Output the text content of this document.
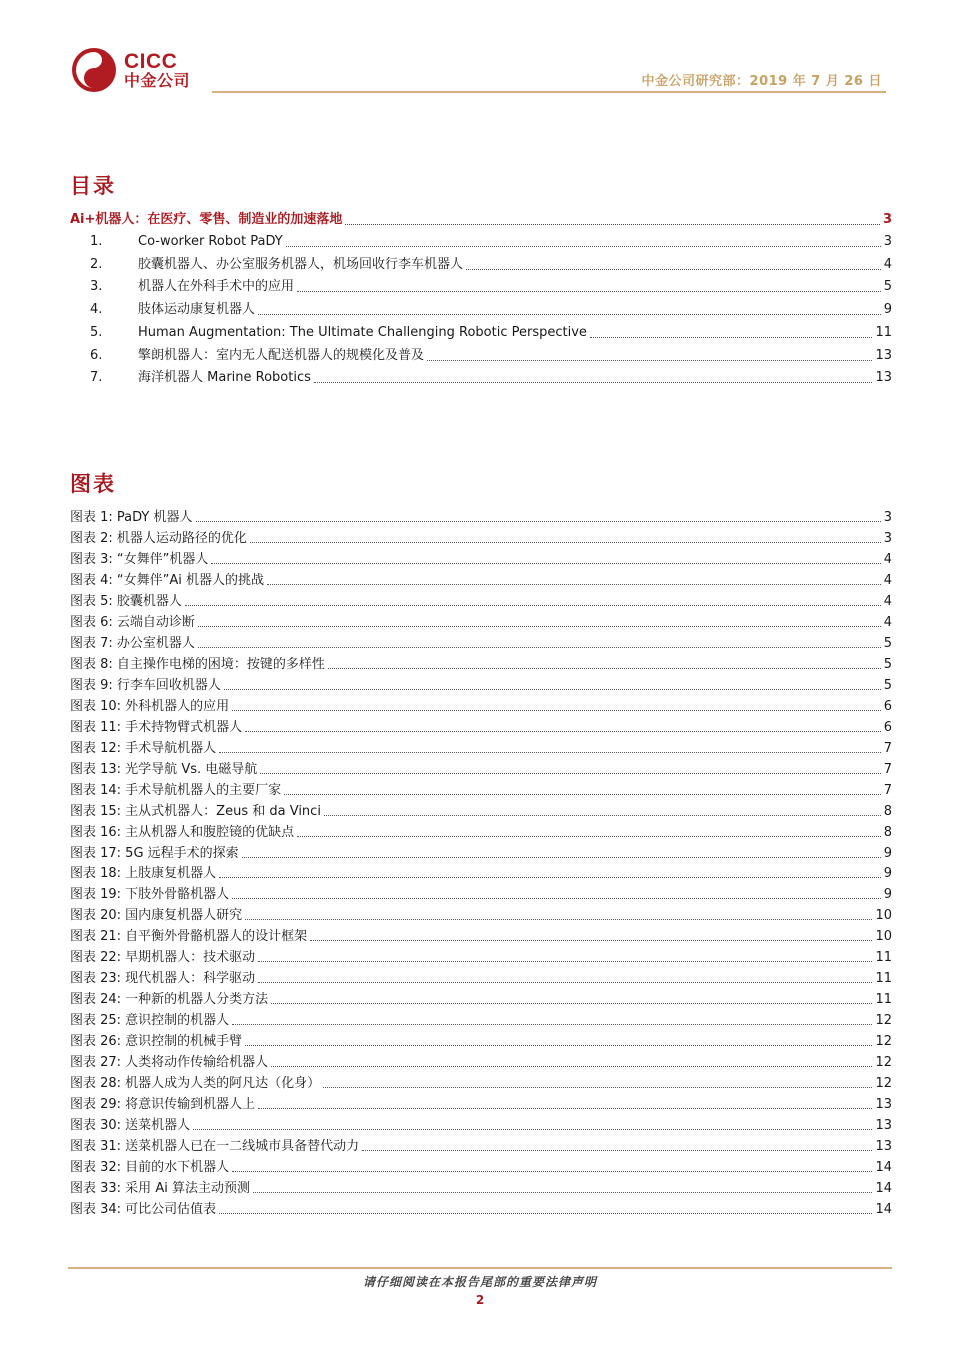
CICC
中金公司	中金公司研究部：2019 年 7 月 26 日
目录
Ai+机器人：在医疗、零售、制造业的加速落地	3
1.	Co-worker Robot PaDY	3
2.	胶囊机器人、办公室服务机器人，机场回收行李车机器人	4
3.	机器人在外科手术中的应用	5
4.	肢体运动康复机器人	9
5.	Human Augmentation: The Ultimate Challenging Robotic Perspective	11
6.	擎朗机器人：室内无人配送机器人的规模化及普及	13
7.	海洋机器人 Marine Robotics	13
图表
图表 1: PaDY 机器人	3
图表 2: 机器人运动路径的优化	3
图表 3: “女舞伴”机器人	4
图表 4: “女舞伴”Ai 机器人的挑战	4
图表 5: 胶囊机器人	4
图表 6: 云端自动诊断	4
图表 7: 办公室机器人	5
图表 8: 自主操作电梯的困境：按键的多样性	5
图表 9: 行李车回收机器人	5
图表 10: 外科机器人的应用	6
图表 11: 手术持物臂式机器人	6
图表 12: 手术导航机器人	7
图表 13: 光学导航 Vs. 电磁导航	7
图表 14: 手术导航机器人的主要厂家	7
图表 15: 主从式机器人：Zeus 和 da Vinci	8
图表 16: 主从机器人和腹腔镜的优缺点	8
图表 17: 5G 远程手术的探索	9
图表 18: 上肢康复机器人	9
图表 19: 下肢外骨骼机器人	9
图表 20: 国内康复机器人研究	10
图表 21: 自平衡外骨骼机器人的设计框架	10
图表 22: 早期机器人：技术驱动	11
图表 23: 现代机器人：科学驱动	11
图表 24: 一种新的机器人分类方法	11
图表 25: 意识控制的机器人	12
图表 26: 意识控制的机械手臂	12
图表 27: 人类将动作传输给机器人	12
图表 28: 机器人成为人类的阿凡达（化身）	12
图表 29: 将意识传输到机器人上	13
图表 30: 送菜机器人	13
图表 31: 送菜机器人已在一二线城市具备替代动力	13
图表 32: 目前的水下机器人	14
图表 33: 采用 Ai 算法主动预测	14
图表 34: 可比公司估值表	14
请仔细阅读在本报告尾部的重要法律声明
2
